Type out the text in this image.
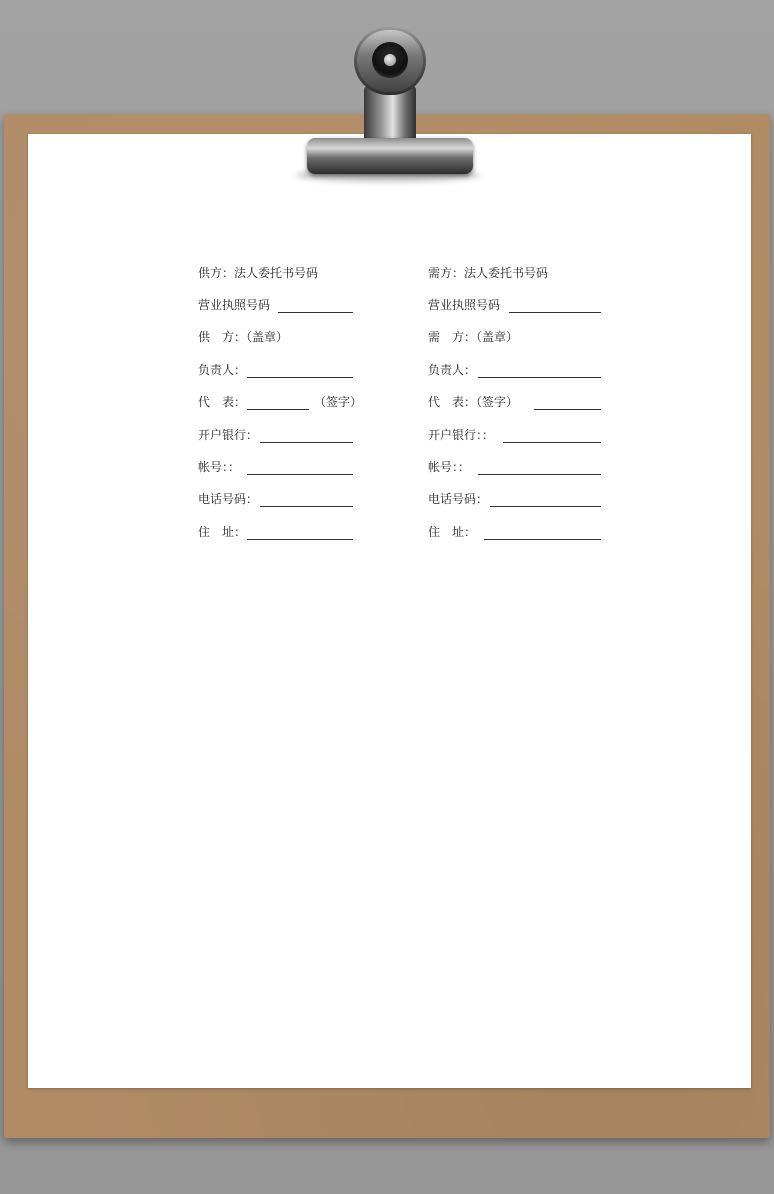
供方：法人委托书号码
营业执照号码
供　方：（盖章）
负责人：
代　表：	（签字）
开户银行：
帐号：：
电话号码：
住　址：
需方：法人委托书号码
营业执照号码
需　方：（盖章）
负责人：
代　表：（签字）
开户银行：：
帐号：：
电话号码：
住　址：
